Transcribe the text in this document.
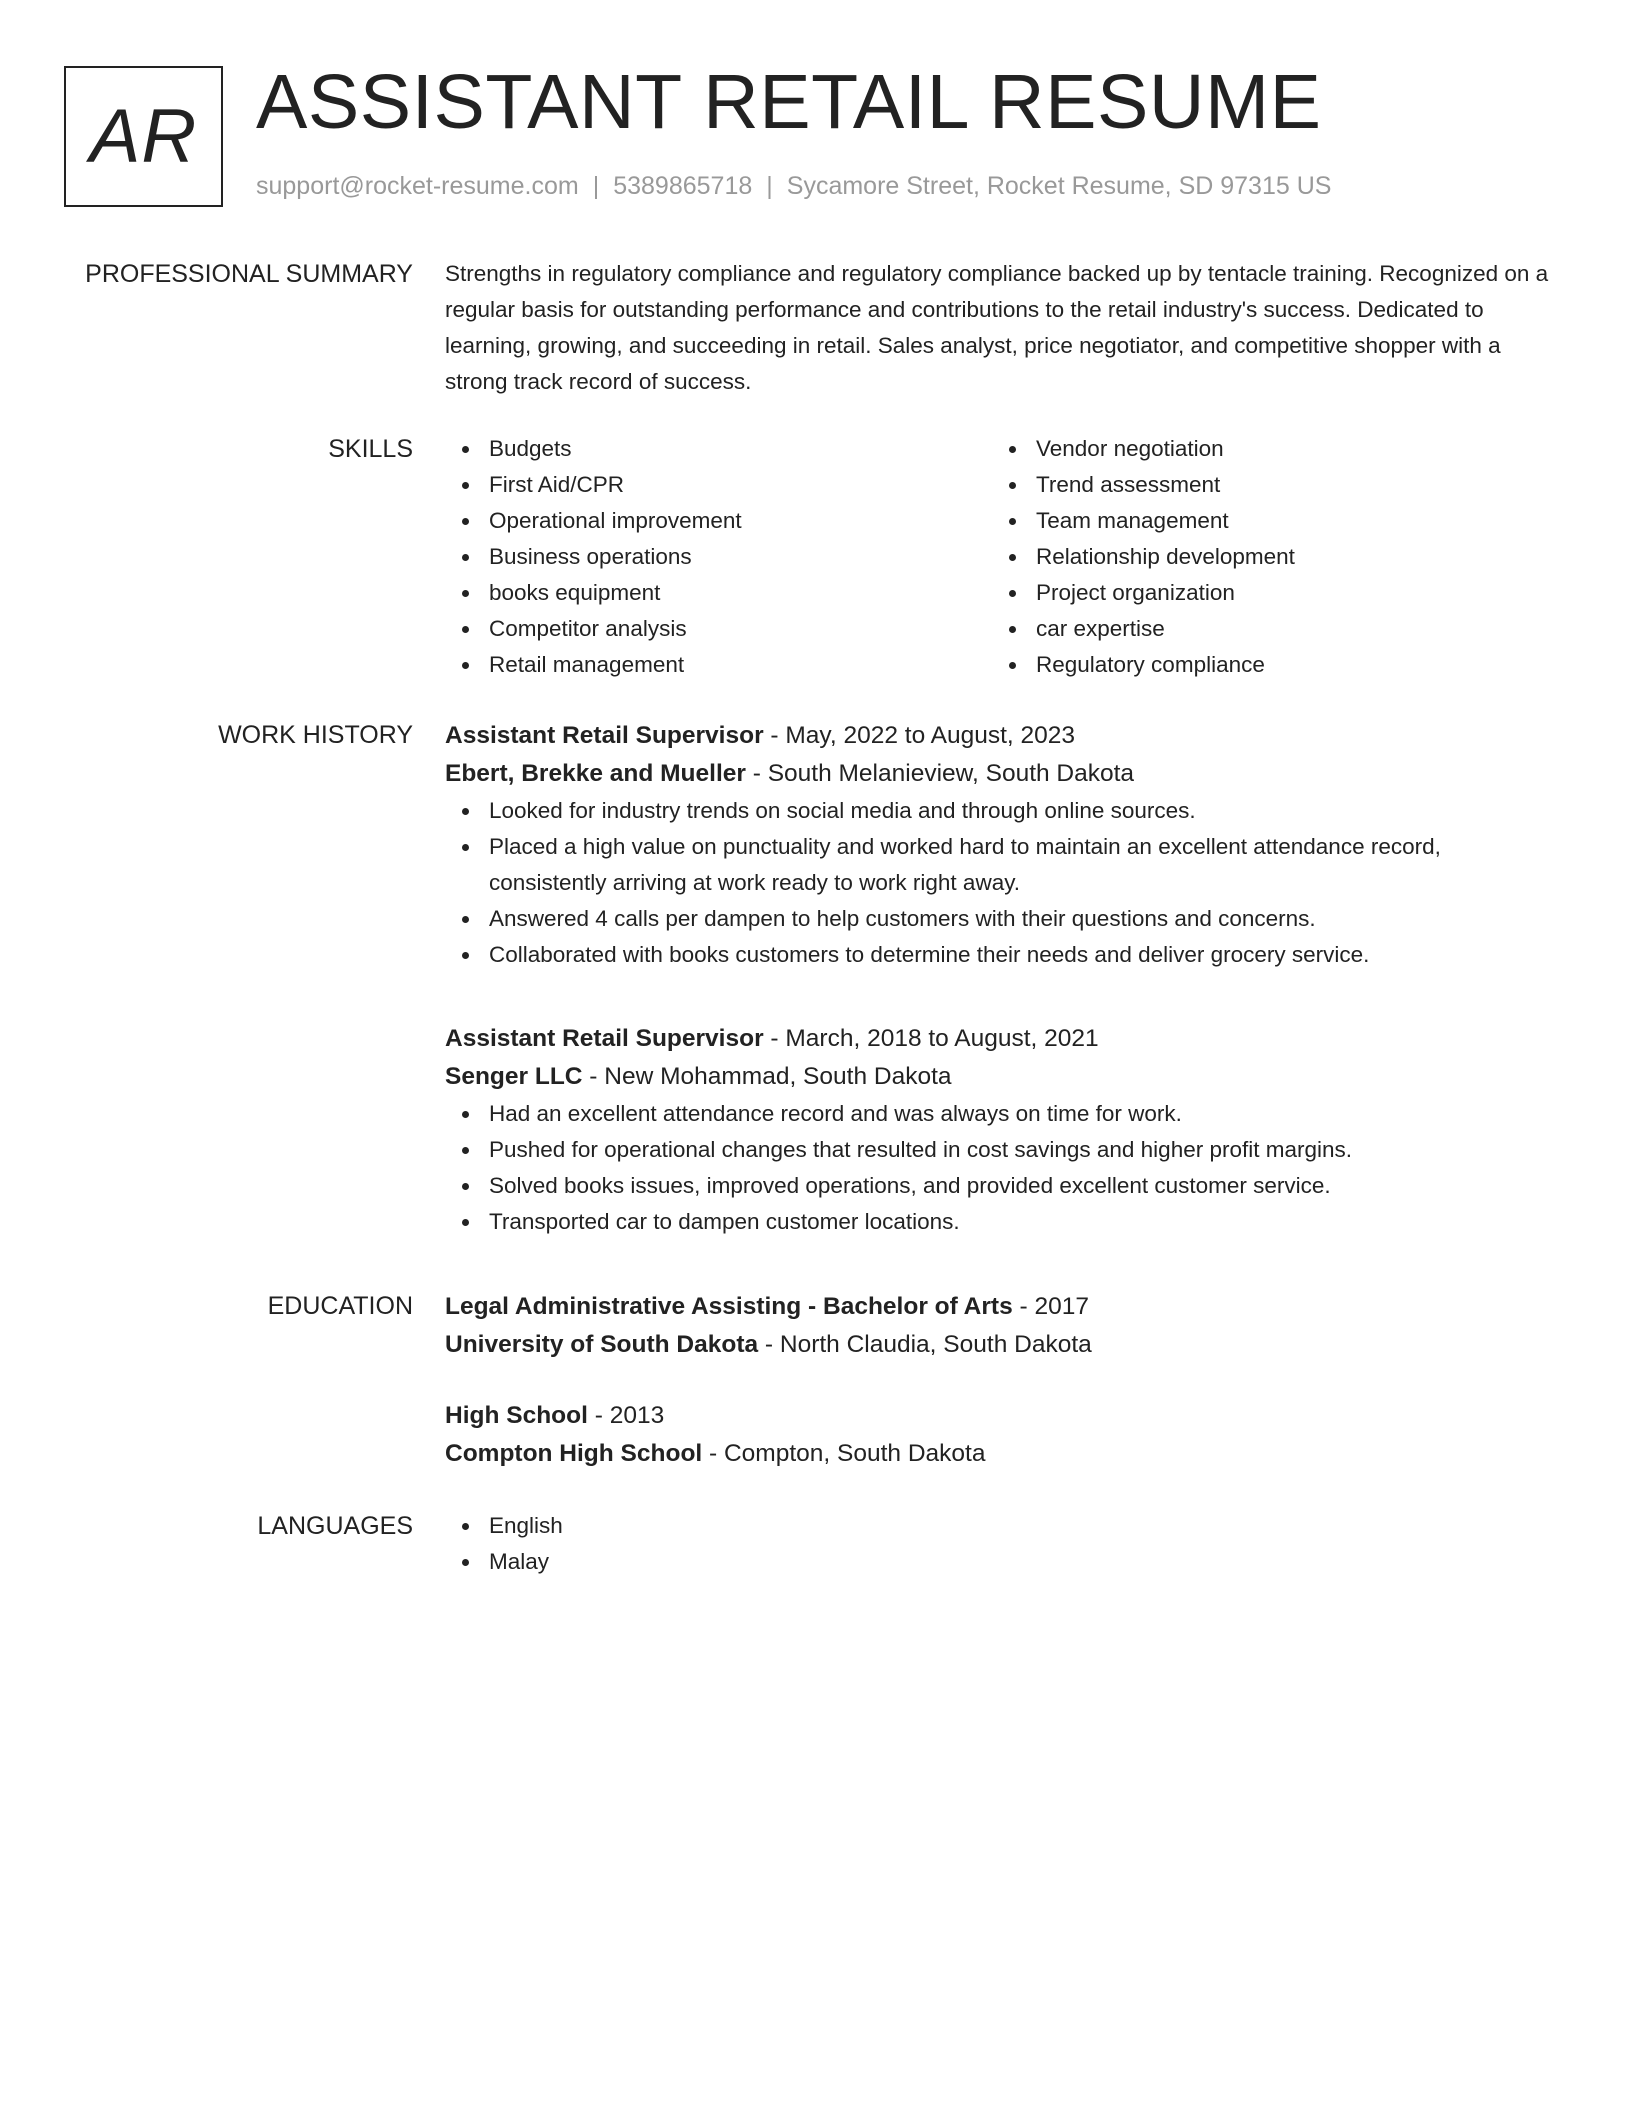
AR ASSISTANT RETAIL RESUME
support@rocket-resume.com | 5389865718 | Sycamore Street, Rocket Resume, SD 97315 US
PROFESSIONAL SUMMARY Strengths in regulatory compliance and regulatory compliance backed up by tentacle training. Recognized on a regular basis for outstanding performance and contributions to the retail industry's success. Dedicated to learning, growing, and succeeding in retail. Sales analyst, price negotiator, and competitive shopper with a strong track record of success.

SKILLS	Budgets
First Aid/CPR
Operational improvement
Business operations
books equipment
Competitor analysis
Retail management
Vendor negotiation
Trend assessment
Team management
Relationship development
Project organization
car expertise
Regulatory compliance
WORK HISTORY Assistant Retail Supervisor - May, 2022 to August, 2023
Ebert, Brekke and Mueller - South Melanieview, South Dakota
Looked for industry trends on social media and through online sources.
Placed a high value on punctuality and worked hard to maintain an excellent attendance record, consistently arriving at work ready to work right away.
Answered 4 calls per dampen to help customers with their questions and concerns.
Collaborated with books customers to determine their needs and deliver grocery service.
Assistant Retail Supervisor - March, 2018 to August, 2021
Senger LLC - New Mohammad, South Dakota
Had an excellent attendance record and was always on time for work.
Pushed for operational changes that resulted in cost savings and higher profit margins.
Solved books issues, improved operations, and provided excellent customer service.
Transported car to dampen customer locations.
EDUCATION Legal Administrative Assisting - Bachelor of Arts - 2017
University of South Dakota - North Claudia, South Dakota
High School - 2013
Compton High School - Compton, South Dakota
LANGUAGES	English
Malay
